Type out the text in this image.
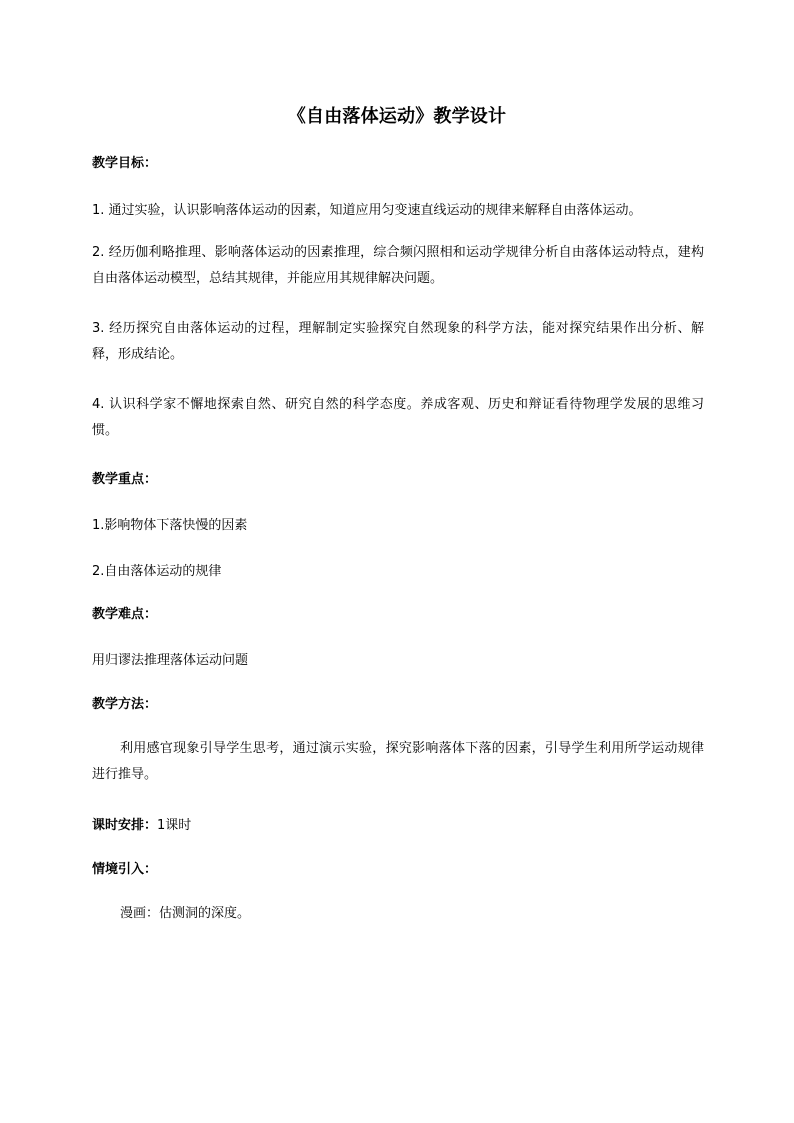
《自由落体运动》教学设计
教学目标：
1. 通过实验，认识影响落体运动的因素，知道应用匀变速直线运动的规律来解释自由落体运动。
2. 经历伽利略推理、影响落体运动的因素推理，综合频闪照相和运动学规律分析自由落体运动特点，建构自由落体运动模型，总结其规律，并能应用其规律解决问题。
3. 经历探究自由落体运动的过程，理解制定实验探究自然现象的科学方法，能对探究结果作出分析、解释，形成结论。
4. 认识科学家不懈地探索自然、研究自然的科学态度。养成客观、历史和辩证看待物理学发展的思维习惯。
教学重点：
1.影响物体下落快慢的因素
2.自由落体运动的规律
教学难点：
用归谬法推理落体运动问题
教学方法：
利用感官现象引导学生思考，通过演示实验，探究影响落体下落的因素，引导学生利用所学运动规律进行推导。
课时安排：1课时
情境引入：
漫画：估测洞的深度。
